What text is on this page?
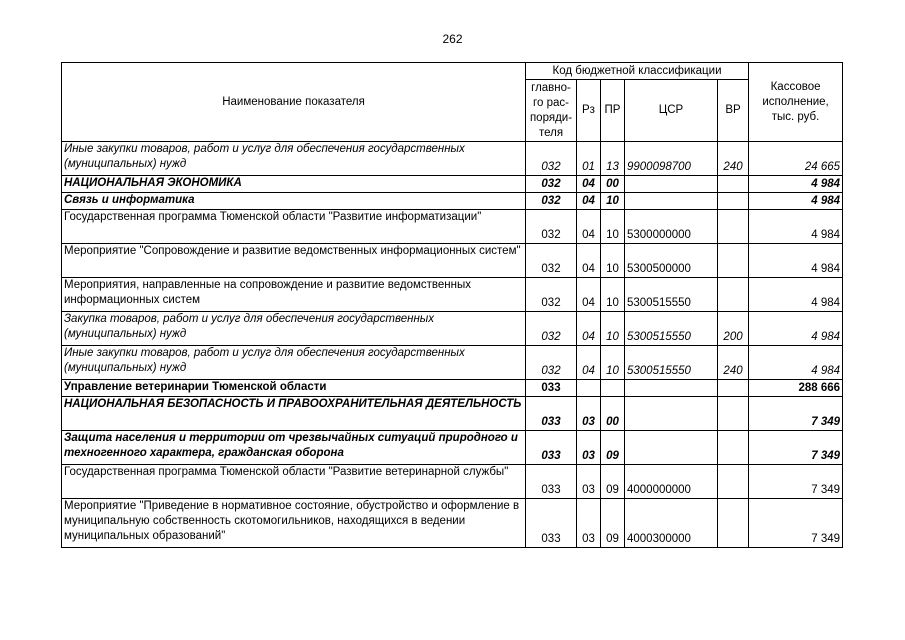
262
Наименование показателя	Код бюджетной классификации					Кассовое исполнение, тыс. руб.
	главно-го рас-поряди-теля	Рз	ПР	ЦСР	ВР	
Иные закупки товаров, работ и услуг для обеспечения государственных (муниципальных) нужд	032	01	13	9900098700	240	24 665
НАЦИОНАЛЬНАЯ ЭКОНОМИКА	032	04	00			4 984
Связь и информатика	032	04	10			4 984
Государственная программа Тюменской области "Развитие информатизации"	032	04	10	5300000000		4 984
Мероприятие "Сопровождение и развитие ведомственных информационных систем"	032	04	10	5300500000		4 984
Мероприятия, направленные на сопровождение и развитие ведомственных информационных систем	032	04	10	5300515550		4 984
Закупка товаров, работ и услуг для обеспечения государственных (муниципальных) нужд	032	04	10	5300515550	200	4 984
Иные закупки товаров, работ и услуг для обеспечения государственных (муниципальных) нужд	032	04	10	5300515550	240	4 984
Управление ветеринарии Тюменской области	033					288 666
НАЦИОНАЛЬНАЯ БЕЗОПАСНОСТЬ И ПРАВООХРАНИТЕЛЬНАЯ ДЕЯТЕЛЬНОСТЬ	033	03	00			7 349
Защита населения и территории от чрезвычайных ситуаций природного и техногенного характера, гражданская оборона	033	03	09			7 349
Государственная программа Тюменской области "Развитие ветеринарной службы"	033	03	09	4000000000		7 349
Мероприятие "Приведение в нормативное состояние, обустройство и оформление в муниципальную собственность скотомогильников, находящихся в ведении муниципальных образований"	033	03	09	4000300000		7 349
